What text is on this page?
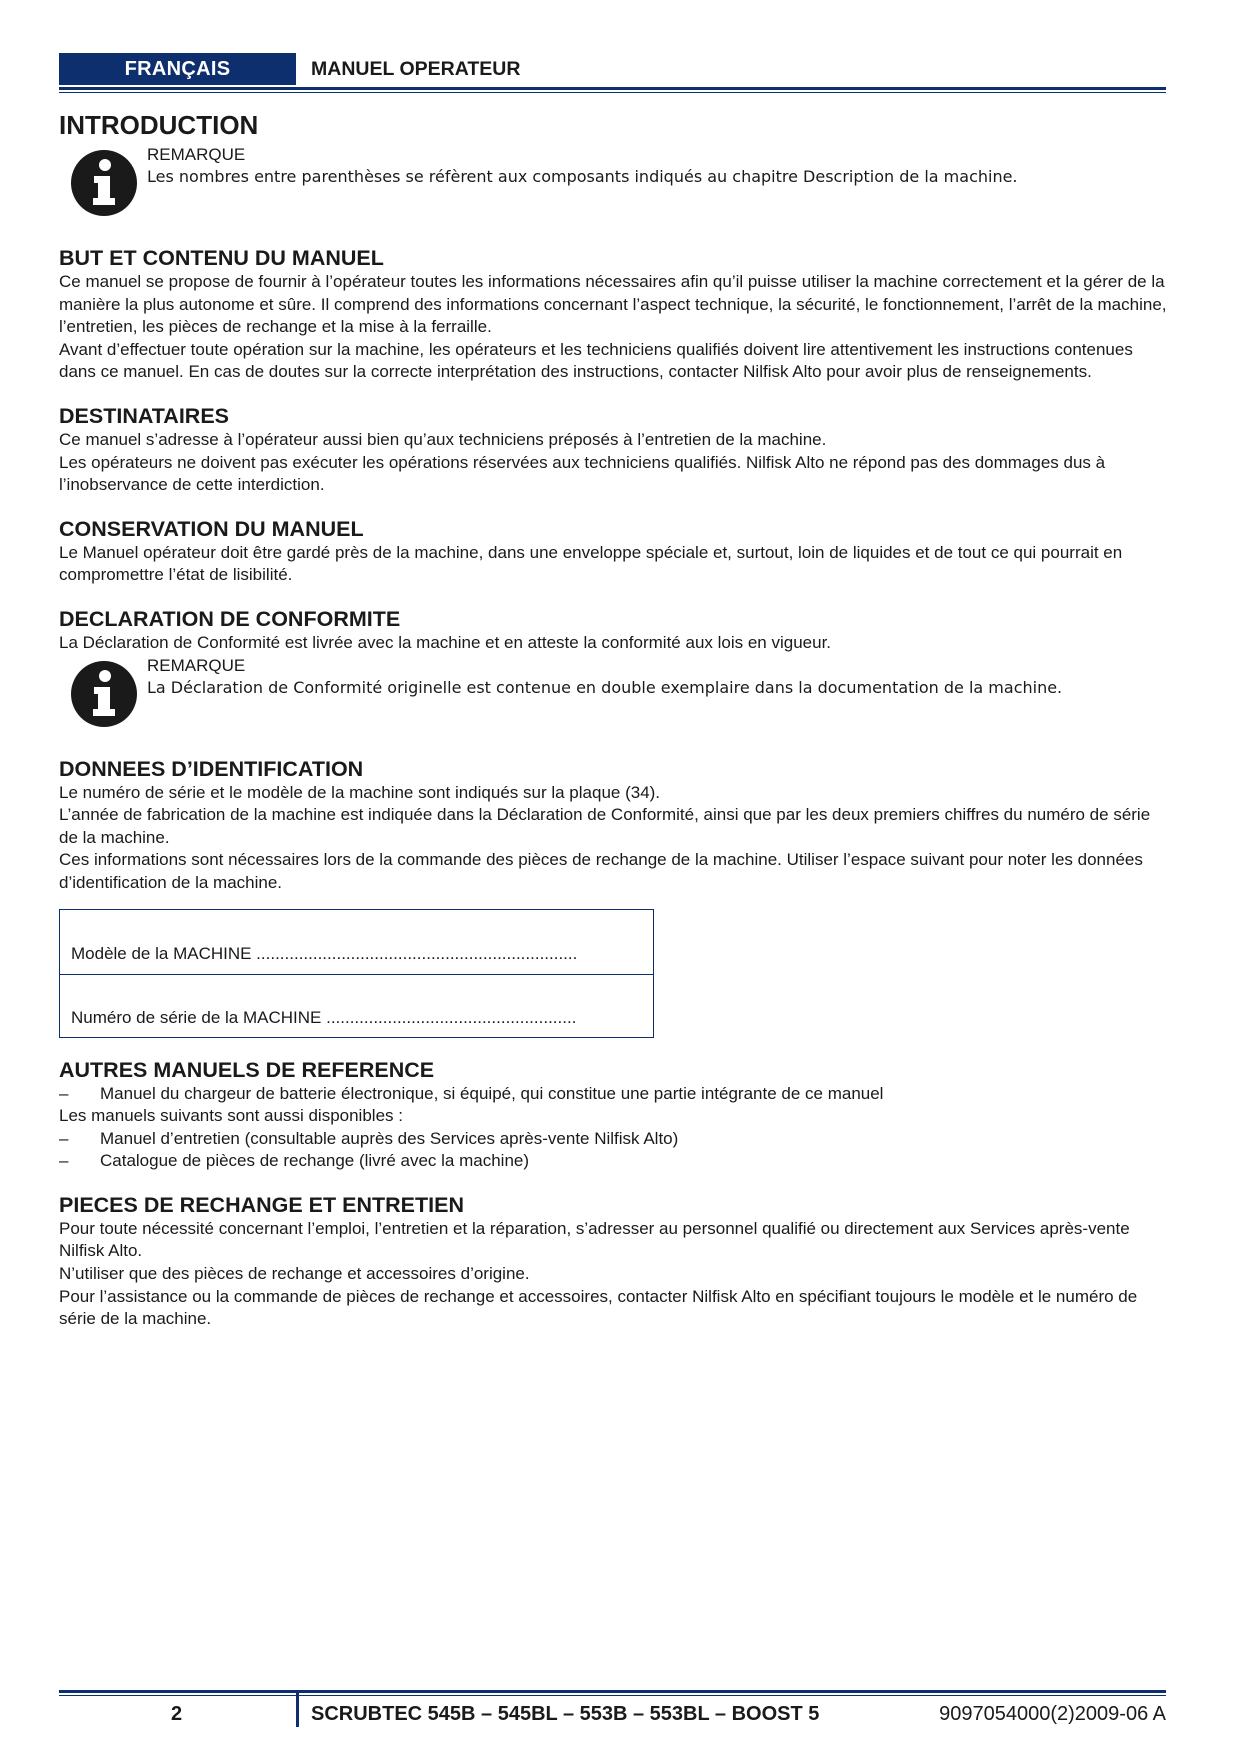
FRANÇAIS	MANUEL OPERATEUR
INTRODUCTION
REMARQUE
Les nombres entre parenthèses se réfèrent aux composants indiqués au chapitre Description de la machine.
BUT ET CONTENU DU MANUEL

Ce manuel se propose de fournir à l’opérateur toutes les informations nécessaires afin qu’il puisse utiliser la machine correctement et la gérer de la manière la plus autonome et sûre. Il comprend des informations concernant l’aspect technique, la sécurité, le fonctionnement, l’arrêt de la machine, l’entretien, les pièces de rechange et la mise à la ferraille.

Avant d’effectuer toute opération sur la machine, les opérateurs et les techniciens qualifiés doivent lire attentivement les instructions contenues dans ce manuel. En cas de doutes sur la correcte interprétation des instructions, contacter Nilfisk Alto pour avoir plus de renseignements.

DESTINATAIRES

Ce manuel s’adresse à l’opérateur aussi bien qu’aux techniciens préposés à l’entretien de la machine.

Les opérateurs ne doivent pas exécuter les opérations réservées aux techniciens qualifiés. Nilfisk Alto ne répond pas des dommages dus à l’inobservance de cette interdiction.

CONSERVATION DU MANUEL

Le Manuel opérateur doit être gardé près de la machine, dans une enveloppe spéciale et, surtout, loin de liquides et de tout ce qui pourrait en compromettre l’état de lisibilité.

DECLARATION DE CONFORMITE

La Déclaration de Conformité est livrée avec la machine et en atteste la conformité aux lois en vigueur.

REMARQUE
La Déclaration de Conformité originelle est contenue en double exemplaire dans la documentation de la machine.
DONNEES D’IDENTIFICATION

Le numéro de série et le modèle de la machine sont indiqués sur la plaque (34).

L’année de fabrication de la machine est indiquée dans la Déclaration de Conformité, ainsi que par les deux premiers chiffres du numéro de série de la machine.

Ces informations sont nécessaires lors de la commande des pièces de rechange de la machine. Utiliser l’espace suivant pour noter les données d’identification de la machine.

Modèle de la MACHINE ....................................................................
Numéro de série de la MACHINE .....................................................
AUTRES MANUELS DE REFERENCE
–	Manuel du chargeur de batterie électronique, si équipé, qui constitue une partie intégrante de ce manuel

Les manuels suivants sont aussi disponibles :

–	Manuel d’entretien (consultable auprès des Services après-vente Nilfisk Alto)
–	Catalogue de pièces de rechange (livré avec la machine)
PIECES DE RECHANGE ET ENTRETIEN

Pour toute nécessité concernant l’emploi, l’entretien et la réparation, s’adresser au personnel qualifié ou directement aux Services après-vente Nilfisk Alto.

N’utiliser que des pièces de rechange et accessoires d’origine.

Pour l’assistance ou la commande de pièces de rechange et accessoires, contacter Nilfisk Alto en spécifiant toujours le modèle et le numéro de série de la machine.

2	SCRUBTEC 545B – 545BL – 553B – 553BL – BOOST 5	9097054000(2)2009-06 A
